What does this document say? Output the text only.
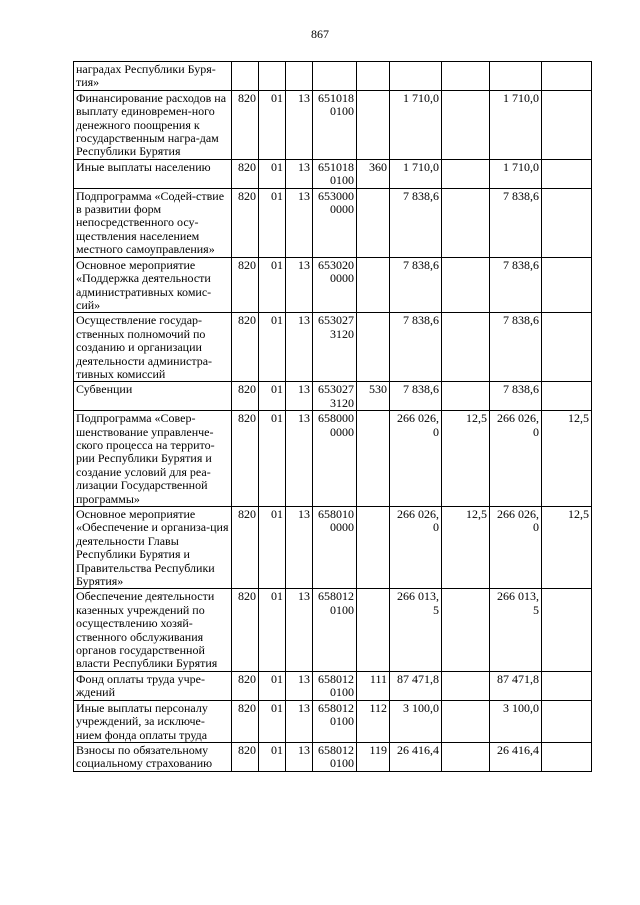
867
наградах Республики Буря-тия»									
Финансирование расходов на выплату единовремен-ного денежного поощрения к государственным награ-дам Республики Бурятия	820	01	13	651018 0100		1 710,0		1 710,0	
Иные выплаты населению	820	01	13	651018 0100	360	1 710,0		1 710,0	
Подпрограмма «Содей-ствие в развитии форм непосредственного осу-ществления населением местного самоуправления»	820	01	13	653000 0000		7 838,6		7 838,6	
Основное мероприятие «Поддержка деятельности административных комис-сий»	820	01	13	653020 0000		7 838,6		7 838,6	
Осуществление государ-ственных полномочий по созданию и организации деятельности администра-тивных комиссий	820	01	13	653027 3120		7 838,6		7 838,6	
Субвенции	820	01	13	653027 3120	530	7 838,6		7 838,6	
Подпрограмма «Совер-шенствование управленче-ского процесса на террито-рии Республики Бурятия и создание условий для реа-лизации Государственной программы»	820	01	13	658000 0000		266 026, 0	12,5	266 026, 0	12,5
Основное мероприятие «Обеспечение и организа-ция деятельности Главы Республики Бурятия и Правительства Республики Бурятия»	820	01	13	658010 0000		266 026, 0	12,5	266 026, 0	12,5
Обеспечение деятельности казенных учреждений по осуществлению хозяй-ственного обслуживания органов государственной власти Республики Бурятия	820	01	13	658012 0100		266 013, 5		266 013, 5	
Фонд оплаты труда учре-ждений	820	01	13	658012 0100	111	87 471,8		87 471,8	
Иные выплаты персоналу учреждений, за исключе-нием фонда оплаты труда	820	01	13	658012 0100	112	3 100,0		3 100,0	
Взносы по обязательному социальному страхованию	820	01	13	658012 0100	119	26 416,4		26 416,4	
